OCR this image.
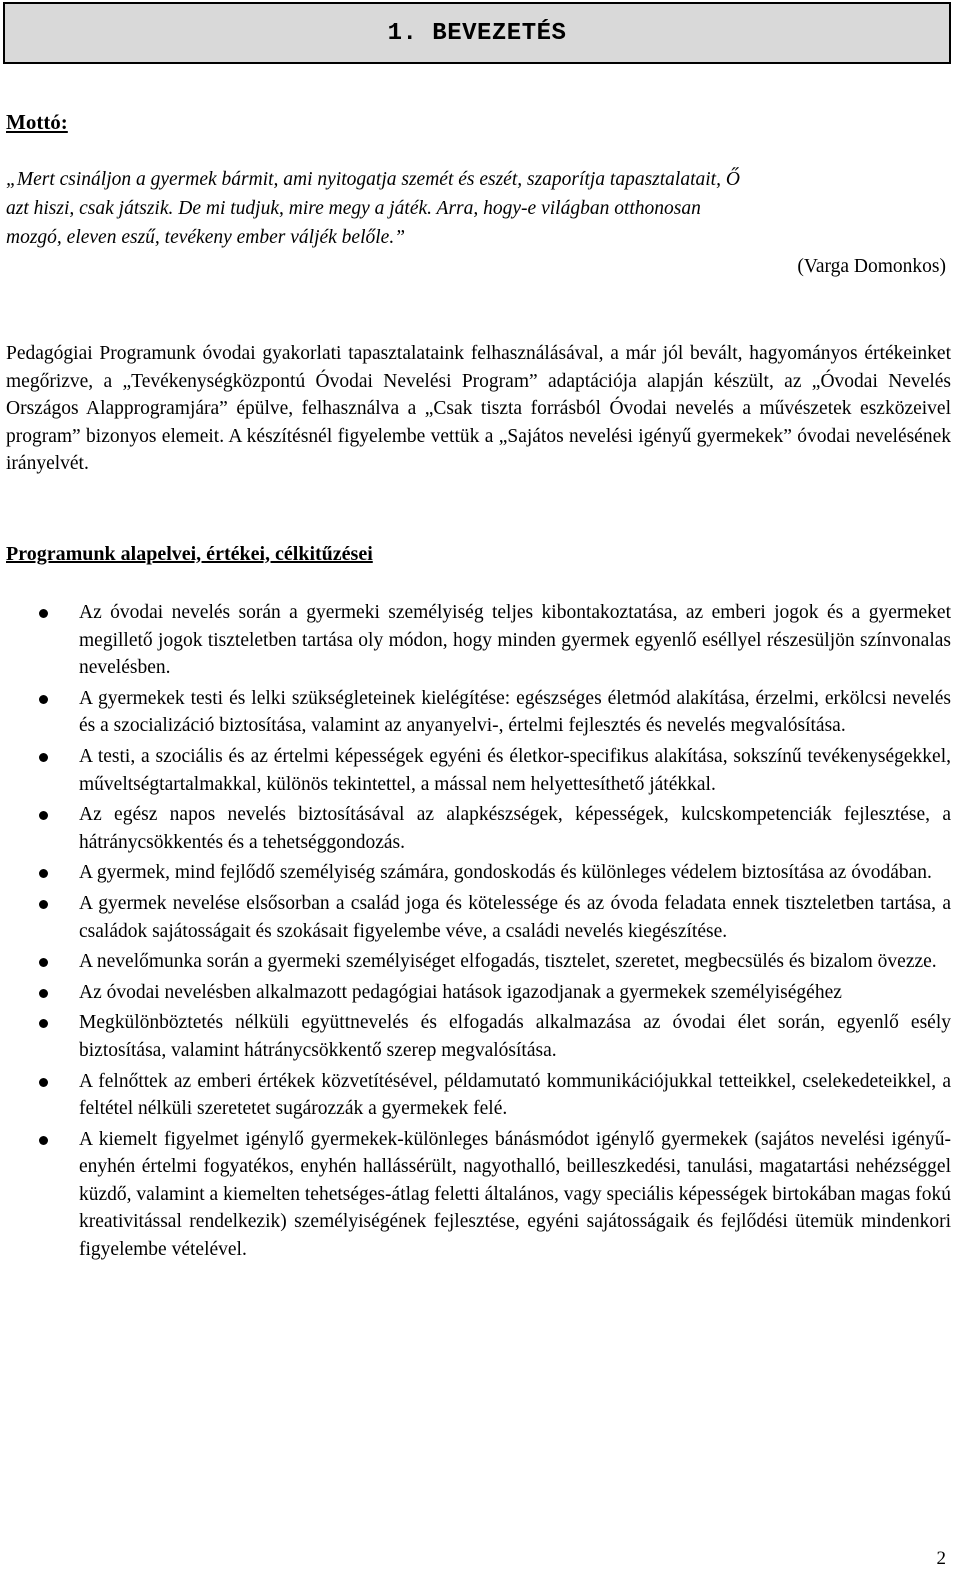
1. BEVEZETÉS
Mottó:

„Mert csináljon a gyermek bármit, ami nyitogatja szemét és eszét, szaporítja tapasztalatait, Ő

azt hiszi, csak játszik. De mi tudjuk, mire megy a játék. Arra, hogy-e világban otthonosan

mozgó, eleven eszű, tevékeny ember váljék belőle.”

(Varga Domonkos)

Pedagógiai Programunk óvodai gyakorlati tapasztalataink felhasználásával, a már jól bevált, hagyományos értékeinket megőrizve, a „Tevékenységközpontú Óvodai Nevelési Program” adaptációja alapján készült, az „Óvodai Nevelés Országos Alapprogramjára” épülve, felhasználva a „Csak tiszta forrásból Óvodai nevelés a művészetek eszközeivel program” bizonyos elemeit. A készítésnél figyelembe vettük a „Sajátos nevelési igényű gyermekek” óvodai nevelésének irányelvét.

Programunk alapelvei, értékei, célkitűzései
Az óvodai nevelés során a gyermeki személyiség teljes kibontakoztatása, az emberi jogok és a gyermeket megillető jogok tiszteletben tartása oly módon, hogy minden gyermek egyenlő eséllyel részesüljön színvonalas nevelésben.
A gyermekek testi és lelki szükségleteinek kielégítése: egészséges életmód alakítása, érzelmi, erkölcsi nevelés és a szocializáció biztosítása, valamint az anyanyelvi-, értelmi fejlesztés és nevelés megvalósítása.
A testi, a szociális és az értelmi képességek egyéni és életkor-specifikus alakítása, sokszínű tevékenységekkel, műveltségtartalmakkal, különös tekintettel, a mással nem helyettesíthető játékkal.
Az egész napos nevelés biztosításával az alapkészségek, képességek, kulcskompetenciák fejlesztése, a hátránycsökkentés és a tehetséggondozás.
A gyermek, mind fejlődő személyiség számára, gondoskodás és különleges védelem biztosítása az óvodában.
A gyermek nevelése elsősorban a család joga és kötelessége és az óvoda feladata ennek tiszteletben tartása, a családok sajátosságait és szokásait figyelembe véve, a családi nevelés kiegészítése.
A nevelőmunka során a gyermeki személyiséget elfogadás, tisztelet, szeretet, megbecsülés és bizalom övezze.
Az óvodai nevelésben alkalmazott pedagógiai hatások igazodjanak a gyermekek személyiségéhez
Megkülönböztetés nélküli együttnevelés és elfogadás alkalmazása az óvodai élet során, egyenlő esély biztosítása, valamint hátránycsökkentő szerep megvalósítása.
A felnőttek az emberi értékek közvetítésével, példamutató kommunikációjukkal tetteikkel, cselekedeteikkel, a feltétel nélküli szeretetet sugározzák a gyermekek felé.
A kiemelt figyelmet igénylő gyermekek-különleges bánásmódot igénylő gyermekek (sajátos nevelési igényű-enyhén értelmi fogyatékos, enyhén hallássérült, nagyothalló, beilleszkedési, tanulási, magatartási nehézséggel küzdő, valamint a kiemelten tehetséges-átlag feletti általános, vagy speciális képességek birtokában magas fokú kreativitással rendelkezik) személyiségének fejlesztése, egyéni sajátosságaik és fejlődési ütemük mindenkori figyelembe vételével.
2
